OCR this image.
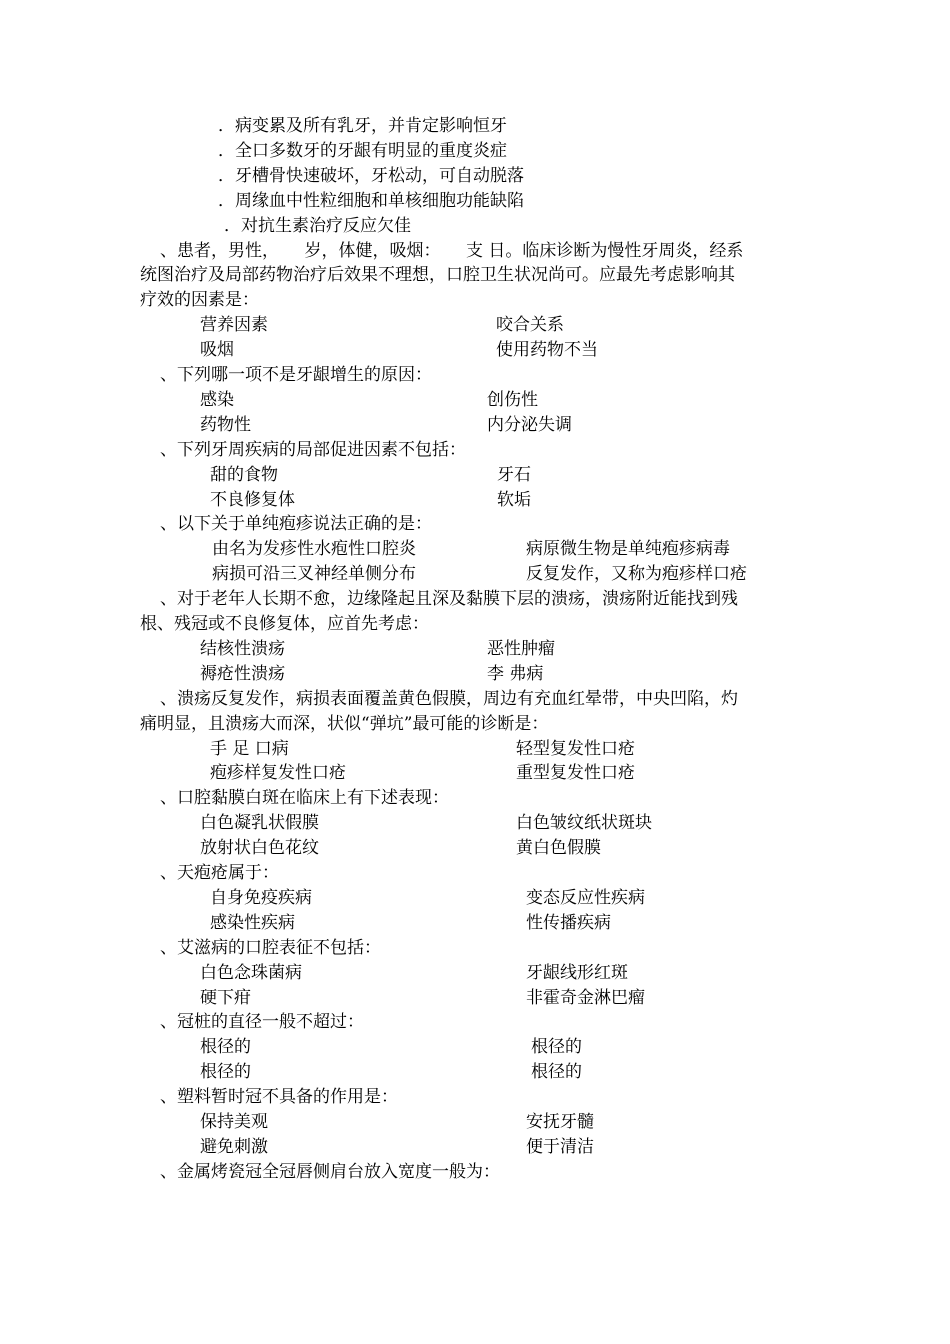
．病变累及所有乳牙，并肯定影响恒牙
．全口多数牙的牙龈有明显的重度炎症
．牙槽骨快速破坏，牙松动，可自动脱落
．周缘血中性粒细胞和单核细胞功能缺陷
．对抗生素治疗反应欠佳
、患者，男性，　　岁，体健，吸烟：　　支 日。临床诊断为慢性牙周炎，经系
统图治疗及局部药物治疗后效果不理想，口腔卫生状况尚可。应最先考虑影响其
疗效的因素是：
营养因素	咬合关系
吸烟	使用药物不当
、下列哪一项不是牙龈增生的原因：
感染	创伤性
药物性	内分泌失调
、下列牙周疾病的局部促进因素不包括：
甜的食物	牙石
不良修复体	软垢
、以下关于单纯疱疹说法正确的是：
由名为发疹性水疱性口腔炎	病原微生物是单纯疱疹病毒
病损可沿三叉神经单侧分布	反复发作，又称为疱疹样口疮
、对于老年人长期不愈，边缘隆起且深及黏膜下层的溃疡，溃疡附近能找到残
根、残冠或不良修复体，应首先考虑：
结核性溃疡	恶性肿瘤
褥疮性溃疡	李 弗病
、溃疡反复发作，病损表面覆盖黄色假膜，周边有充血红晕带，中央凹陷，灼
痛明显，且溃疡大而深，状似“弹坑”最可能的诊断是：
手 足 口病	轻型复发性口疮
疱疹样复发性口疮	重型复发性口疮
、口腔黏膜白斑在临床上有下述表现：
白色凝乳状假膜	白色皱纹纸状斑块
放射状白色花纹	黄白色假膜
、天疱疮属于：
自身免疫疾病	变态反应性疾病
感染性疾病	性传播疾病
、艾滋病的口腔表征不包括：
白色念珠菌病	牙龈线形红斑
硬下疳	非霍奇金淋巴瘤
、冠桩的直径一般不超过：
根径的	根径的
根径的	根径的
、塑料暂时冠不具备的作用是：
保持美观	安抚牙髓
避免刺激	便于清洁
、金属烤瓷冠全冠唇侧肩台放入宽度一般为：
